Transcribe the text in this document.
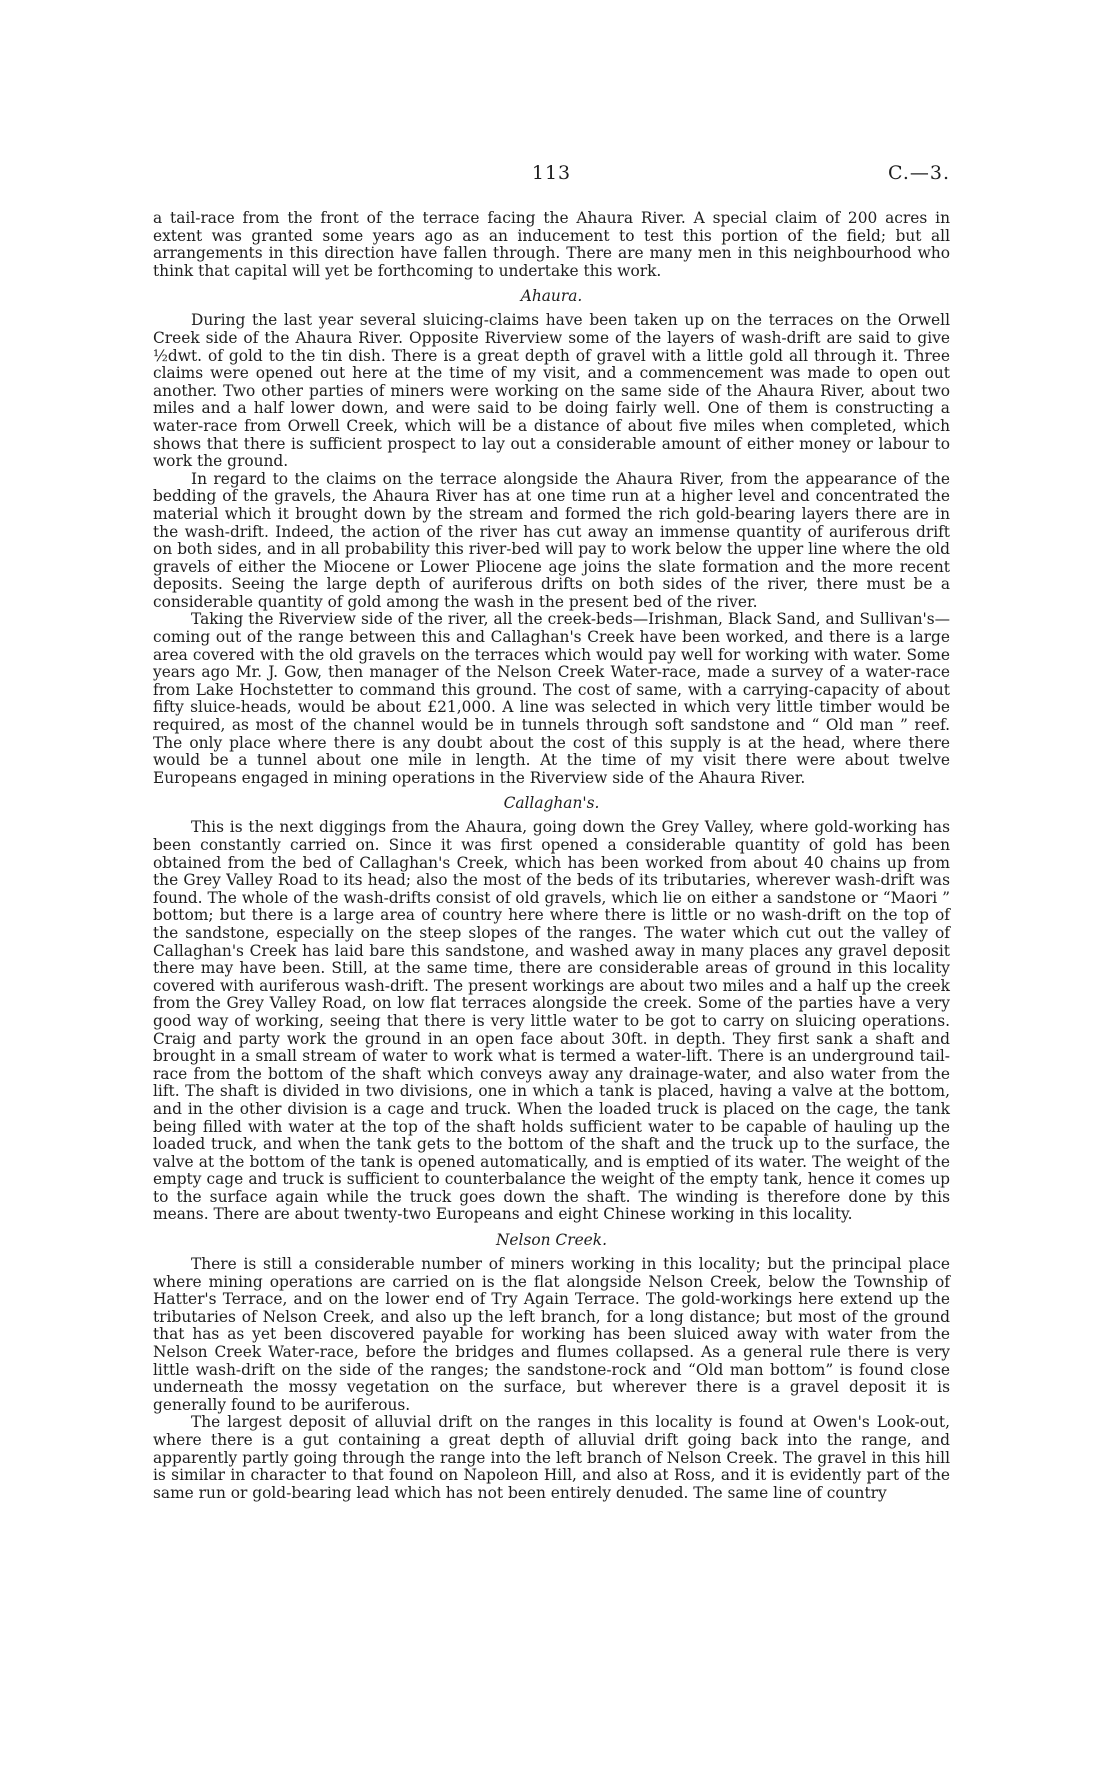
113	C.—3.

a tail-race from the front of the terrace facing the Ahaura River. A special claim of 200 acres in extent was granted some years ago as an inducement to test this portion of the field; but all arrangements in this direction have fallen through. There are many men in this neighbourhood who think that capital will yet be forthcoming to undertake this work.

Ahaura.

During the last year several sluicing-claims have been taken up on the terraces on the Orwell Creek side of the Ahaura River. Opposite Riverview some of the layers of wash-drift are said to give ½dwt. of gold to the tin dish. There is a great depth of gravel with a little gold all through it. Three claims were opened out here at the time of my visit, and a commencement was made to open out another. Two other parties of miners were working on the same side of the Ahaura River, about two miles and a half lower down, and were said to be doing fairly well. One of them is constructing a water-race from Orwell Creek, which will be a distance of about five miles when completed, which shows that there is sufficient prospect to lay out a considerable amount of either money or labour to work the ground.

In regard to the claims on the terrace alongside the Ahaura River, from the appearance of the bedding of the gravels, the Ahaura River has at one time run at a higher level and concentrated the material which it brought down by the stream and formed the rich gold-bearing layers there are in the wash-drift. Indeed, the action of the river has cut away an immense quantity of auriferous drift on both sides, and in all probability this river-bed will pay to work below the upper line where the old gravels of either the Miocene or Lower Pliocene age joins the slate formation and the more recent deposits. Seeing the large depth of auriferous drifts on both sides of the river, there must be a considerable quantity of gold among the wash in the present bed of the river.

Taking the Riverview side of the river, all the creek-beds—Irishman, Black Sand, and Sullivan's—coming out of the range between this and Callaghan's Creek have been worked, and there is a large area covered with the old gravels on the terraces which would pay well for working with water. Some years ago Mr. J. Gow, then manager of the Nelson Creek Water-race, made a survey of a water-race from Lake Hochstetter to command this ground. The cost of same, with a carrying-capacity of about fifty sluice-heads, would be about £21,000. A line was selected in which very little timber would be required, as most of the channel would be in tunnels through soft sandstone and “ Old man ” reef. The only place where there is any doubt about the cost of this supply is at the head, where there would be a tunnel about one mile in length. At the time of my visit there were about twelve Europeans engaged in mining operations in the Riverview side of the Ahaura River.

Callaghan's.

This is the next diggings from the Ahaura, going down the Grey Valley, where gold-working has been constantly carried on. Since it was first opened a considerable quantity of gold has been obtained from the bed of Callaghan's Creek, which has been worked from about 40 chains up from the Grey Valley Road to its head; also the most of the beds of its tributaries, wherever wash-drift was found. The whole of the wash-drifts consist of old gravels, which lie on either a sandstone or “Maori ” bottom; but there is a large area of country here where there is little or no wash-drift on the top of the sandstone, especially on the steep slopes of the ranges. The water which cut out the valley of Callaghan's Creek has laid bare this sandstone, and washed away in many places any gravel deposit there may have been. Still, at the same time, there are considerable areas of ground in this locality covered with auriferous wash-drift. The present workings are about two miles and a half up the creek from the Grey Valley Road, on low flat terraces alongside the creek. Some of the parties have a very good way of working, seeing that there is very little water to be got to carry on sluicing operations. Craig and party work the ground in an open face about 30ft. in depth. They first sank a shaft and brought in a small stream of water to work what is termed a water-lift. There is an underground tail-race from the bottom of the shaft which conveys away any drainage-water, and also water from the lift. The shaft is divided in two divisions, one in which a tank is placed, having a valve at the bottom, and in the other division is a cage and truck. When the loaded truck is placed on the cage, the tank being filled with water at the top of the shaft holds sufficient water to be capable of hauling up the loaded truck, and when the tank gets to the bottom of the shaft and the truck up to the surface, the valve at the bottom of the tank is opened automatically, and is emptied of its water. The weight of the empty cage and truck is sufficient to counterbalance the weight of the empty tank, hence it comes up to the surface again while the truck goes down the shaft. The winding is therefore done by this means. There are about twenty-two Europeans and eight Chinese working in this locality.

Nelson Creek.

There is still a considerable number of miners working in this locality; but the principal place where mining operations are carried on is the flat alongside Nelson Creek, below the Township of Hatter's Terrace, and on the lower end of Try Again Terrace. The gold-workings here extend up the tributaries of Nelson Creek, and also up the left branch, for a long distance; but most of the ground that has as yet been discovered payable for working has been sluiced away with water from the Nelson Creek Water-race, before the bridges and flumes collapsed. As a general rule there is very little wash-drift on the side of the ranges; the sandstone-rock and “Old man bottom” is found close underneath the mossy vegetation on the surface, but wherever there is a gravel deposit it is generally found to be auriferous.

The largest deposit of alluvial drift on the ranges in this locality is found at Owen's Look-out, where there is a gut containing a great depth of alluvial drift going back into the range, and apparently partly going through the range into the left branch of Nelson Creek. The gravel in this hill is similar in character to that found on Napoleon Hill, and also at Ross, and it is evidently part of the same run or gold-bearing lead which has not been entirely denuded. The same line of country
